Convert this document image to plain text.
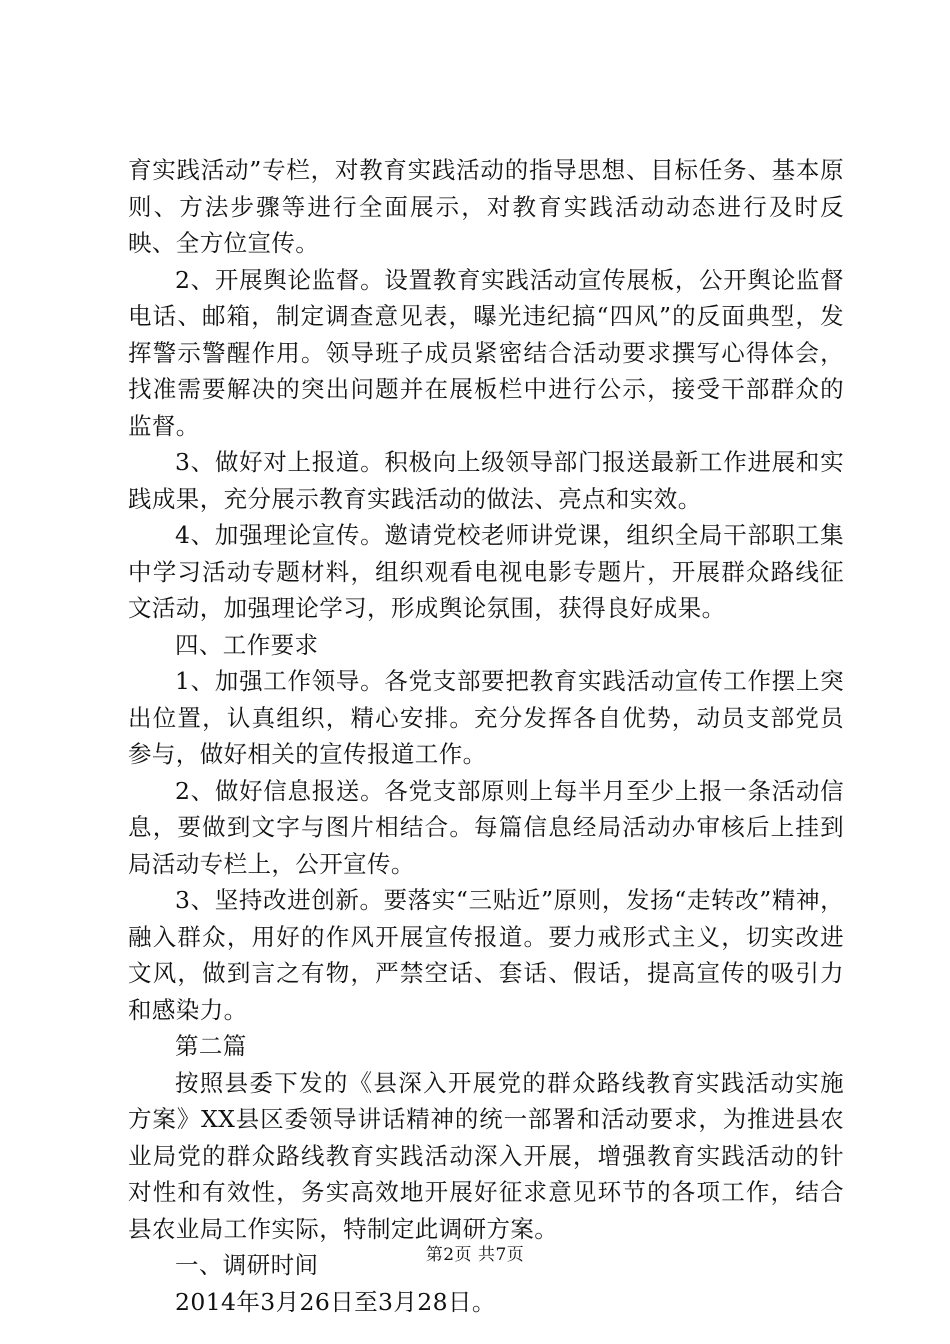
育实践活动”专栏，对教育实践活动的指导思想、目标任务、基本原则、方法步骤等进行全面展示，对教育实践活动动态进行及时反映、全方位宣传。

2、开展舆论监督。设置教育实践活动宣传展板，公开舆论监督电话、邮箱，制定调查意见表，曝光违纪搞“四风”的反面典型，发挥警示警醒作用。领导班子成员紧密结合活动要求撰写心得体会，找准需要解决的突出问题并在展板栏中进行公示，接受干部群众的监督。

3、做好对上报道。积极向上级领导部门报送最新工作进展和实践成果，充分展示教育实践活动的做法、亮点和实效。

4、加强理论宣传。邀请党校老师讲党课，组织全局干部职工集中学习活动专题材料，组织观看电视电影专题片，开展群众路线征文活动，加强理论学习，形成舆论氛围，获得良好成果。

四、工作要求

1、加强工作领导。各党支部要把教育实践活动宣传工作摆上突出位置，认真组织，精心安排。充分发挥各自优势，动员支部党员参与，做好相关的宣传报道工作。

2、做好信息报送。各党支部原则上每半月至少上报一条活动信息，要做到文字与图片相结合。每篇信息经局活动办审核后上挂到局活动专栏上，公开宣传。

3、坚持改进创新。要落实“三贴近”原则，发扬“走转改”精神，融入群众，用好的作风开展宣传报道。要力戒形式主义，切实改进文风，做到言之有物，严禁空话、套话、假话，提高宣传的吸引力和感染力。

第二篇

按照县委下发的《县深入开展党的群众路线教育实践活动实施方案》XX县区委领导讲话精神的统一部署和活动要求，为推进县农业局党的群众路线教育实践活动深入开展，增强教育实践活动的针对性和有效性，务实高效地开展好征求意见环节的各项工作，结合县农业局工作实际，特制定此调研方案。

一、调研时间

2014年3月26日至3月28日。

第2页 共7页
